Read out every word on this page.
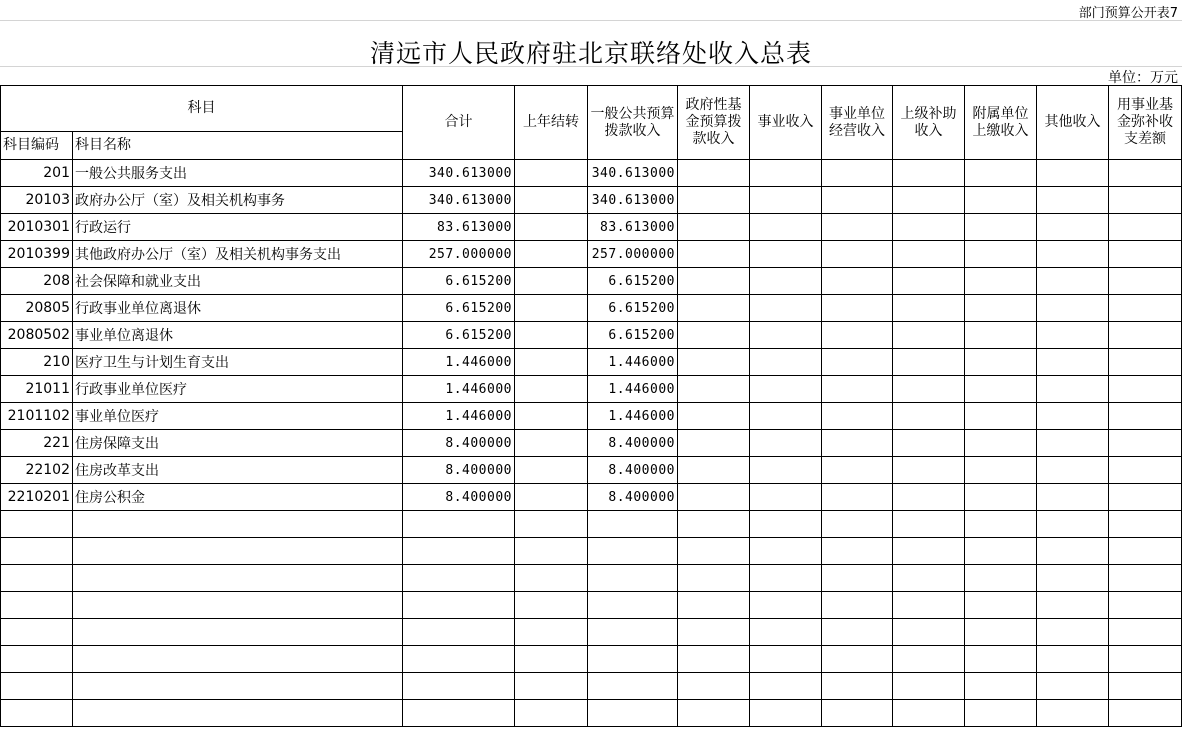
部门预算公开表7
清远市人民政府驻北京联络处收入总表
单位：万元
科目		合计	上年结转	一般公共预算拨款收入	政府性基金预算拨款收入	事业收入	事业单位经营收入	上级补助收入	附属单位上缴收入	其他收入	用事业基金弥补收支差额
科目编码	科目名称										
201	一般公共服务支出	340.613000		340.613000							
20103	政府办公厅（室）及相关机构事务	340.613000		340.613000							
2010301	行政运行	83.613000		83.613000							
2010399	其他政府办公厅（室）及相关机构事务支出	257.000000		257.000000							
208	社会保障和就业支出	6.615200		6.615200							
20805	行政事业单位离退休	6.615200		6.615200							
2080502	事业单位离退休	6.615200		6.615200							
210	医疗卫生与计划生育支出	1.446000		1.446000							
21011	行政事业单位医疗	1.446000		1.446000							
2101102	事业单位医疗	1.446000		1.446000							
221	住房保障支出	8.400000		8.400000							
22102	住房改革支出	8.400000		8.400000							
2210201	住房公积金	8.400000		8.400000							
